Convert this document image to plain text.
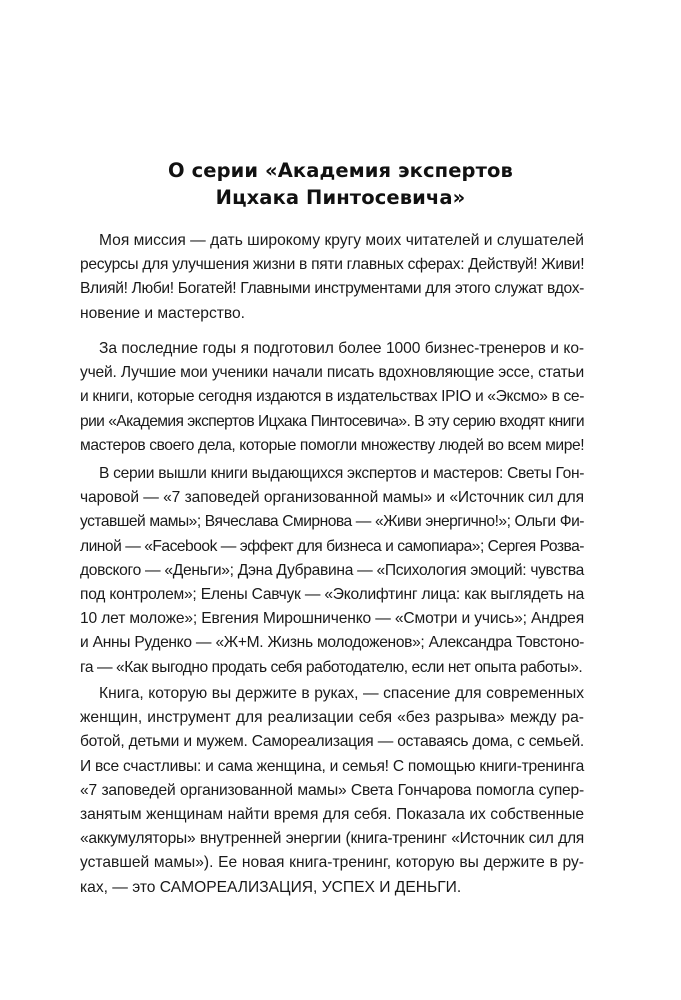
О серии «Академия экспертов
Ицхака Пинтосевича»
Моя миссия — дать широкому кругу моих читателей и слушателей
ресурсы для улучшения жизни в пяти главных сферах: Действуй! Живи!
Влияй! Люби! Богатей! Главными инструментами для этого служат вдох-
новение и мастерство.
За последние годы я подготовил более 1000 бизнес-тренеров и ко-
учей. Лучшие мои ученики начали писать вдохновляющие эссе, статьи
и книги, которые сегодня издаются в издательствах IPIO и «Эксмо» в се-
рии «Академия экспертов Ицхака Пинтосевича». В эту серию входят книги
мастеров своего дела, которые помогли множеству людей во всем мире!
В серии вышли книги выдающихся экспертов и мастеров: Светы Гон-
чаровой — «7 заповедей организованной мамы» и «Источник сил для
уставшей мамы»; Вячеслава Смирнова — «Живи энергично!»; Ольги Фи-
линой — «Facebook — эффект для бизнеса и самопиара»; Сергея Розва-
довского — «Деньги»; Дэна Дубравина — «Психология эмоций: чувства
под контролем»; Елены Савчук — «Эколифтинг лица: как выглядеть на
10 лет моложе»; Евгения Мирошниченко — «Смотри и учись»; Андрея
и Анны Руденко — «Ж+М. Жизнь молодоженов»; Александра Товстоно-
га — «Как выгодно продать себя работодателю, если нет опыта работы».
Книга, которую вы держите в руках, — спасение для современных
женщин, инструмент для реализации себя «без разрыва» между ра-
ботой, детьми и мужем. Самореализация — оставаясь дома, с семьей.
И все счастливы: и сама женщина, и семья! С помощью книги-тренинга
«7 заповедей организованной мамы» Света Гончарова помогла супер-
занятым женщинам найти время для себя. Показала их собственные
«аккумуляторы» внутренней энергии (книга-тренинг «Источник сил для
уставшей мамы»). Ее новая книга-тренинг, которую вы держите в ру-
ках, — это САМОРЕАЛИЗАЦИЯ, УСПЕХ И ДЕНЬГИ.
